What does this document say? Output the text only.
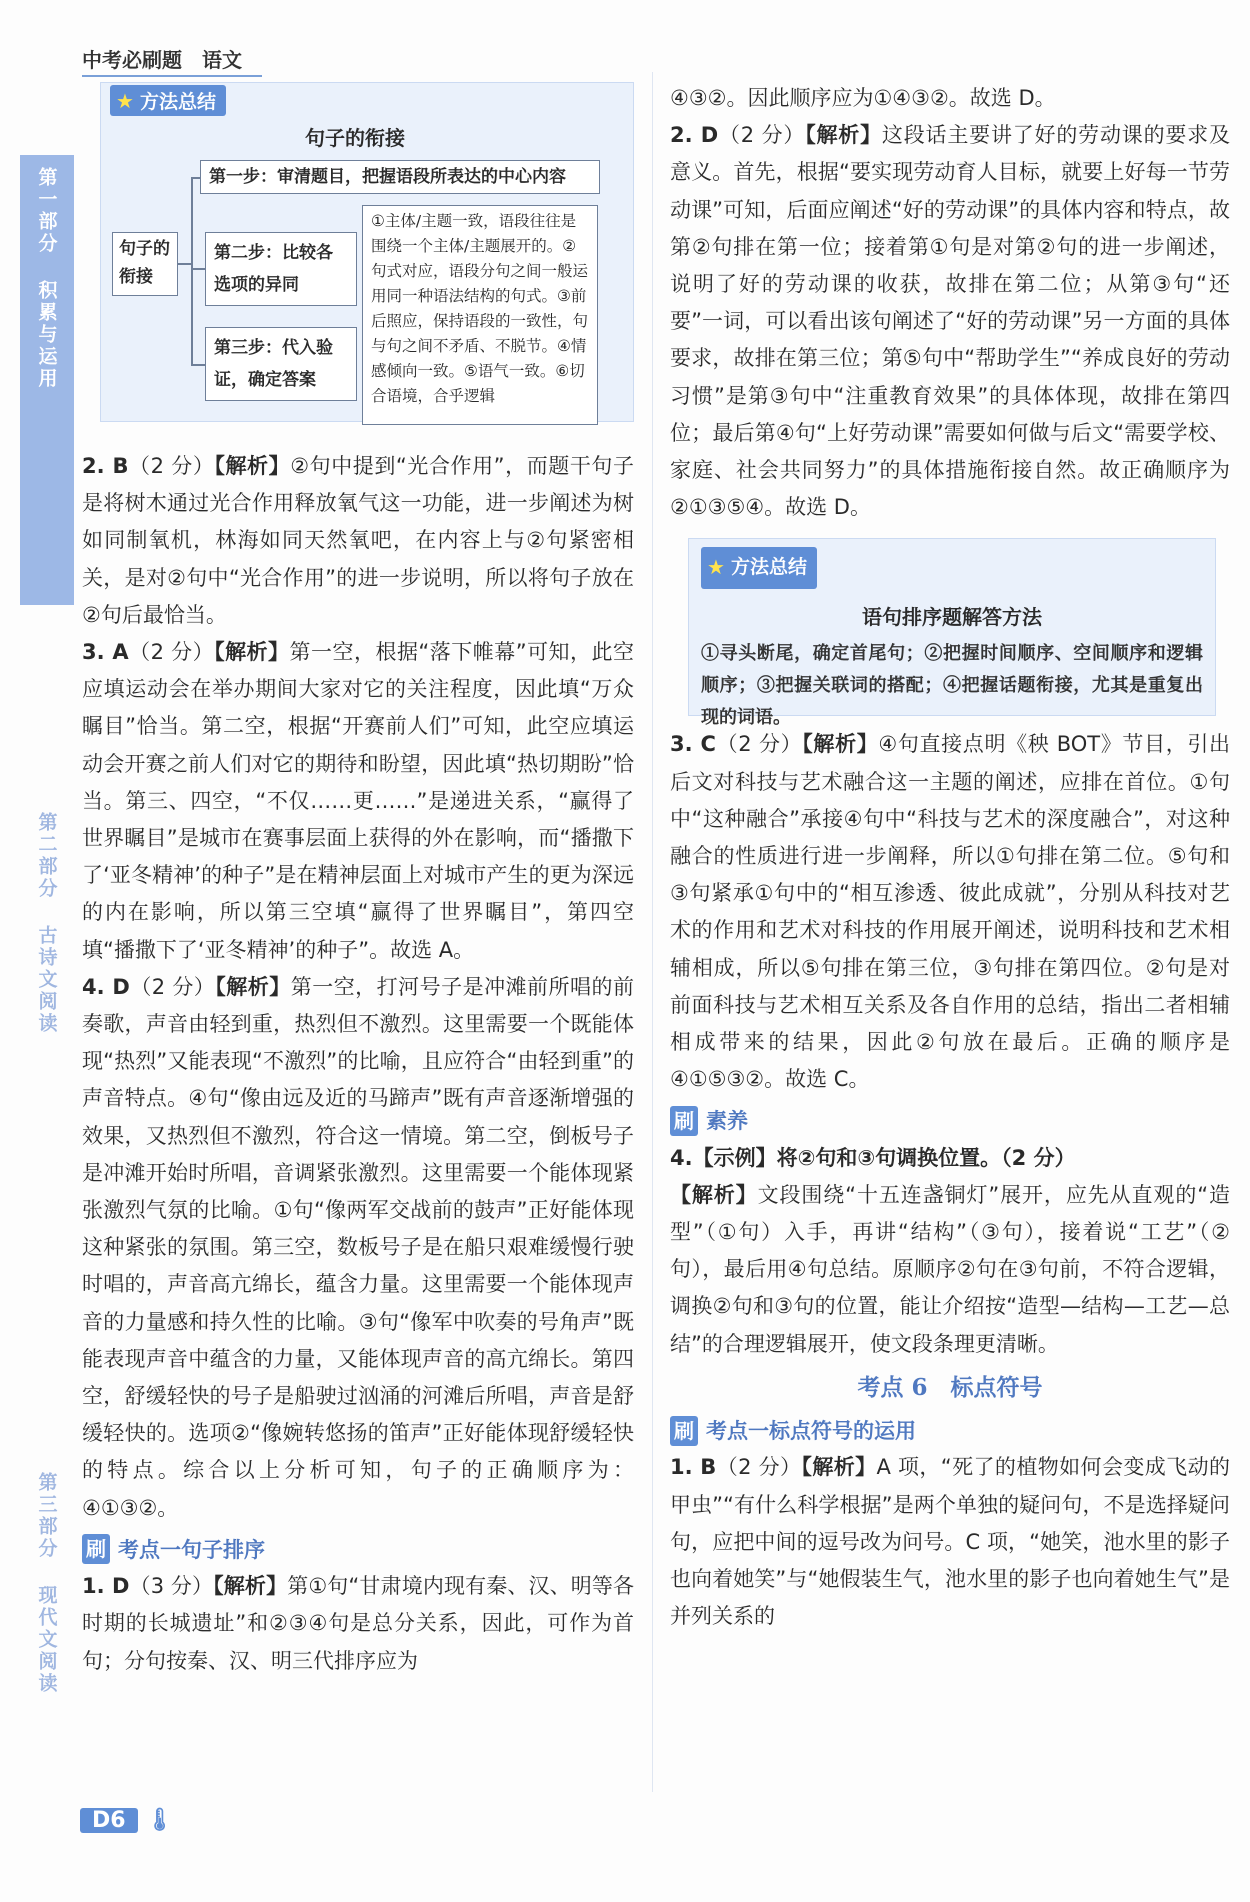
第一部分 积累与运用
第二部分 古诗文阅读
第三部分 现代文阅读
中考必刷题 语文
★ 方法总结
句子的衔接
句子的衔接
第一步：审清题目，把握语段所表达的中心内容
第二步：比较各选项的异同
第三步：代入验证，确定答案
①主体/主题一致，语段往往是围绕一个主体/主题展开的。②句式对应，语段分句之间一般运用同一种语法结构的句式。③前后照应，保持语段的一致性，句与句之间不矛盾、不脱节。④情感倾向一致。⑤语气一致。⑥切合语境，合乎逻辑

2. B（2 分）【解析】②句中提到“光合作用”，而题干句子是将树木通过光合作用释放氧气这一功能，进一步阐述为树如同制氧机，林海如同天然氧吧，在内容上与②句紧密相关，是对②句中“光合作用”的进一步说明，所以将句子放在②句后最恰当。

3. A（2 分）【解析】第一空，根据“落下帷幕”可知，此空应填运动会在举办期间大家对它的关注程度，因此填“万众瞩目”恰当。第二空，根据“开赛前人们”可知，此空应填运动会开赛之前人们对它的期待和盼望，因此填“热切期盼”恰当。第三、四空，“不仅……更……”是递进关系，“赢得了世界瞩目”是城市在赛事层面上获得的外在影响，而“播撒下了‘亚冬精神’的种子”是在精神层面上对城市产生的更为深远的内在影响，所以第三空填“赢得了世界瞩目”，第四空填“播撒下了‘亚冬精神’的种子”。故选 A。

4. D（2 分）【解析】第一空，打河号子是冲滩前所唱的前奏歌，声音由轻到重，热烈但不激烈。这里需要一个既能体现“热烈”又能表现“不激烈”的比喻，且应符合“由轻到重”的声音特点。④句“像由远及近的马蹄声”既有声音逐渐增强的效果，又热烈但不激烈，符合这一情境。第二空，倒板号子是冲滩开始时所唱，音调紧张激烈。这里需要一个能体现紧张激烈气氛的比喻。①句“像两军交战前的鼓声”正好能体现这种紧张的氛围。第三空，数板号子是在船只艰难缓慢行驶时唱的，声音高亢绵长，蕴含力量。这里需要一个能体现声音的力量感和持久性的比喻。③句“像军中吹奏的号角声”既能表现声音中蕴含的力量，又能体现声音的高亢绵长。第四空，舒缓轻快的号子是船驶过汹涌的河滩后所唱，声音是舒缓轻快的。选项②“像婉转悠扬的笛声”正好能体现舒缓轻快的特点。综合以上分析可知，句子的正确顺序为：④①③②。

刷 考点一句子排序

1. D（3 分）【解析】第①句“甘肃境内现有秦、汉、明等各时期的长城遗址”和②③④句是总分关系，因此，可作为首句；分句按秦、汉、明三代排序应为

④③②。因此顺序应为①④③②。故选 D。

2. D（2 分）【解析】这段话主要讲了好的劳动课的要求及意义。首先，根据“要实现劳动育人目标，就要上好每一节劳动课”可知，后面应阐述“好的劳动课”的具体内容和特点，故第②句排在第一位；接着第①句是对第②句的进一步阐述，说明了好的劳动课的收获，故排在第二位；从第③句“还要”一词，可以看出该句阐述了“好的劳动课”另一方面的具体要求，故排在第三位；第⑤句中“帮助学生”“养成良好的劳动习惯”是第③句中“注重教育效果”的具体体现，故排在第四位；最后第④句“上好劳动课”需要如何做与后文“需要学校、家庭、社会共同努力”的具体措施衔接自然。故正确顺序为②①③⑤④。故选 D。

★ 方法总结
语句排序题解答方法
①寻头断尾，确定首尾句；②把握时间顺序、空间顺序和逻辑顺序；③把握关联词的搭配；④把握话题衔接，尤其是重复出现的词语。

3. C（2 分）【解析】④句直接点明《秧 BOT》节目，引出后文对科技与艺术融合这一主题的阐述，应排在首位。①句中“这种融合”承接④句中“科技与艺术的深度融合”，对这种融合的性质进行进一步阐释，所以①句排在第二位。⑤句和③句紧承①句中的“相互渗透、彼此成就”，分别从科技对艺术的作用和艺术对科技的作用展开阐述，说明科技和艺术相辅相成，所以⑤句排在第三位，③句排在第四位。②句是对前面科技与艺术相互关系及各自作用的总结，指出二者相辅相成带来的结果，因此②句放在最后。正确的顺序是④①⑤③②。故选 C。

刷 素养

4.【示例】将②句和③句调换位置。（2 分）

【解析】文段围绕“十五连盏铜灯”展开，应先从直观的“造型”（①句）入手，再讲“结构”（③句），接着说“工艺”（②句），最后用④句总结。原顺序②句在③句前，不符合逻辑，调换②句和③句的位置，能让介绍按“造型—结构—工艺—总结”的合理逻辑展开，使文段条理更清晰。

考点 6　标点符号
刷 考点一标点符号的运用

1. B（2 分）【解析】A 项，“死了的植物如何会变成飞动的甲虫”“有什么科学根据”是两个单独的疑问句，不是选择疑问句，应把中间的逗号改为问号。C 项，“她笑，池水里的影子也向着她笑”与“她假装生气，池水里的影子也向着她生气”是并列关系的

D6 🌡
